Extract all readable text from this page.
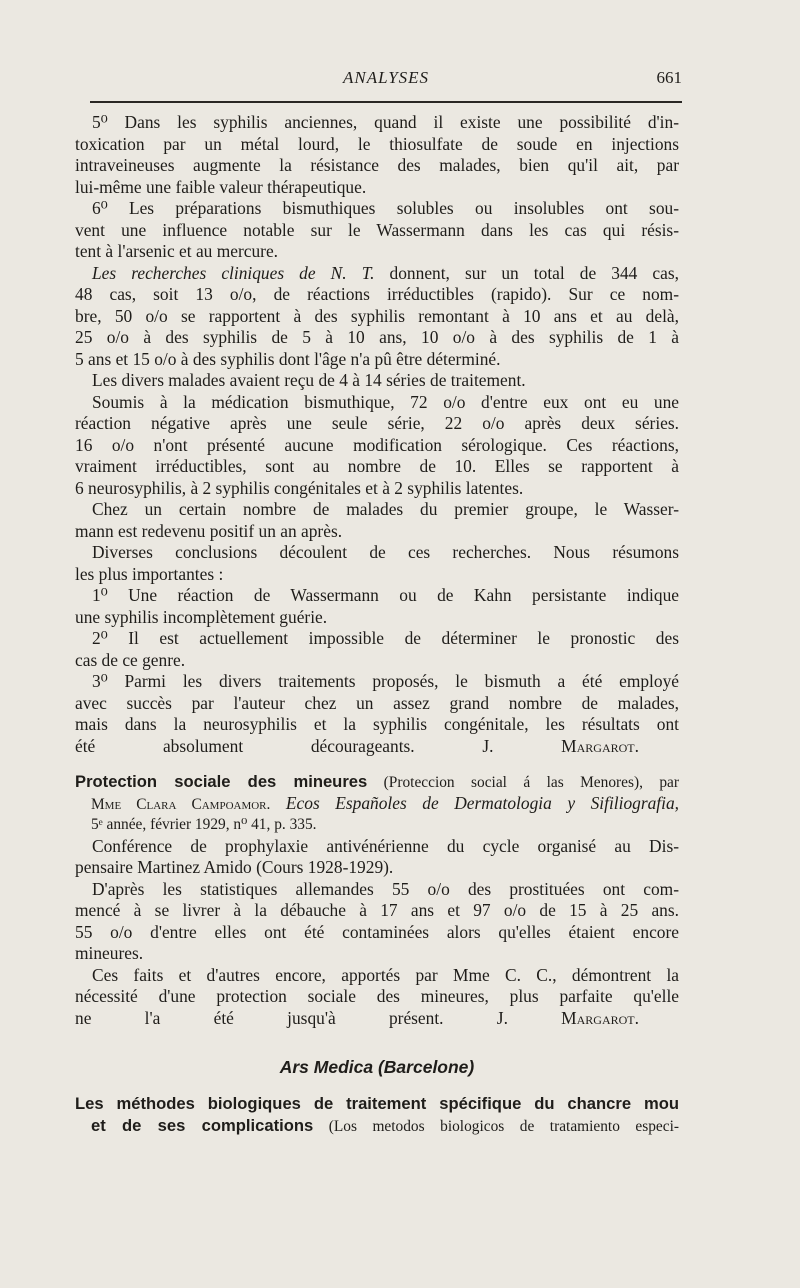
ANALYSES	661
5⁰ Dans les syphilis anciennes, quand il existe une possibilité d'in-
toxication par un métal lourd, le thiosulfate de soude en injections
intraveineuses augmente la résistance des malades, bien qu'il ait, par
lui-même une faible valeur thérapeutique.
6⁰ Les préparations bismuthiques solubles ou insolubles ont sou-
vent une influence notable sur le Wassermann dans les cas qui résis-
tent à l'arsenic et au mercure.
Les recherches cliniques de N. T. donnent, sur un total de 344 cas,
48 cas, soit 13 o/o, de réactions irréductibles (rapido). Sur ce nom-
bre, 50 o/o se rapportent à des syphilis remontant à 10 ans et au delà,
25 o/o à des syphilis de 5 à 10 ans, 10 o/o à des syphilis de 1 à
5 ans et 15 o/o à des syphilis dont l'âge n'a pû être déterminé.
Les divers malades avaient reçu de 4 à 14 séries de traitement.
Soumis à la médication bismuthique, 72 o/o d'entre eux ont eu une
réaction négative après une seule série, 22 o/o après deux séries.
16 o/o n'ont présenté aucune modification sérologique. Ces réactions,
vraiment irréductibles, sont au nombre de 10. Elles se rapportent à
6 neurosyphilis, à 2 syphilis congénitales et à 2 syphilis latentes.
Chez un certain nombre de malades du premier groupe, le Wasser-
mann est redevenu positif un an après.
Diverses conclusions découlent de ces recherches. Nous résumons
les plus importantes :
1⁰ Une réaction de Wassermann ou de Kahn persistante indique
une syphilis incomplètement guérie.
2⁰ Il est actuellement impossible de déterminer le pronostic des
cas de ce genre.
3⁰ Parmi les divers traitements proposés, le bismuth a été employé
avec succès par l'auteur chez un assez grand nombre de malades,
mais dans la neurosyphilis et la syphilis congénitale, les résultats ont
été absolument décourageants.	J. Margarot.
Protection sociale des mineures (Proteccion social á las Menores), par
Mme Clara Campoamor. Ecos Españoles de Dermatologia y Sifiliografia,
5ᵉ année, février 1929, n⁰ 41, p. 335.
Conférence de prophylaxie antivénérienne du cycle organisé au Dis-
pensaire Martinez Amido (Cours 1928-1929).
D'après les statistiques allemandes 55 o/o des prostituées ont com-
mencé à se livrer à la débauche à 17 ans et 97 o/o de 15 à 25 ans.
55 o/o d'entre elles ont été contaminées alors qu'elles étaient encore
mineures.
Ces faits et d'autres encore, apportés par Mme C. C., démontrent la
nécessité d'une protection sociale des mineures, plus parfaite qu'elle
ne l'a été jusqu'à présent.	J. Margarot.
Ars Medica (Barcelone)
Les méthodes biologiques de traitement spécifique du chancre mou
et de ses complications (Los metodos biologicos de tratamiento especi-
